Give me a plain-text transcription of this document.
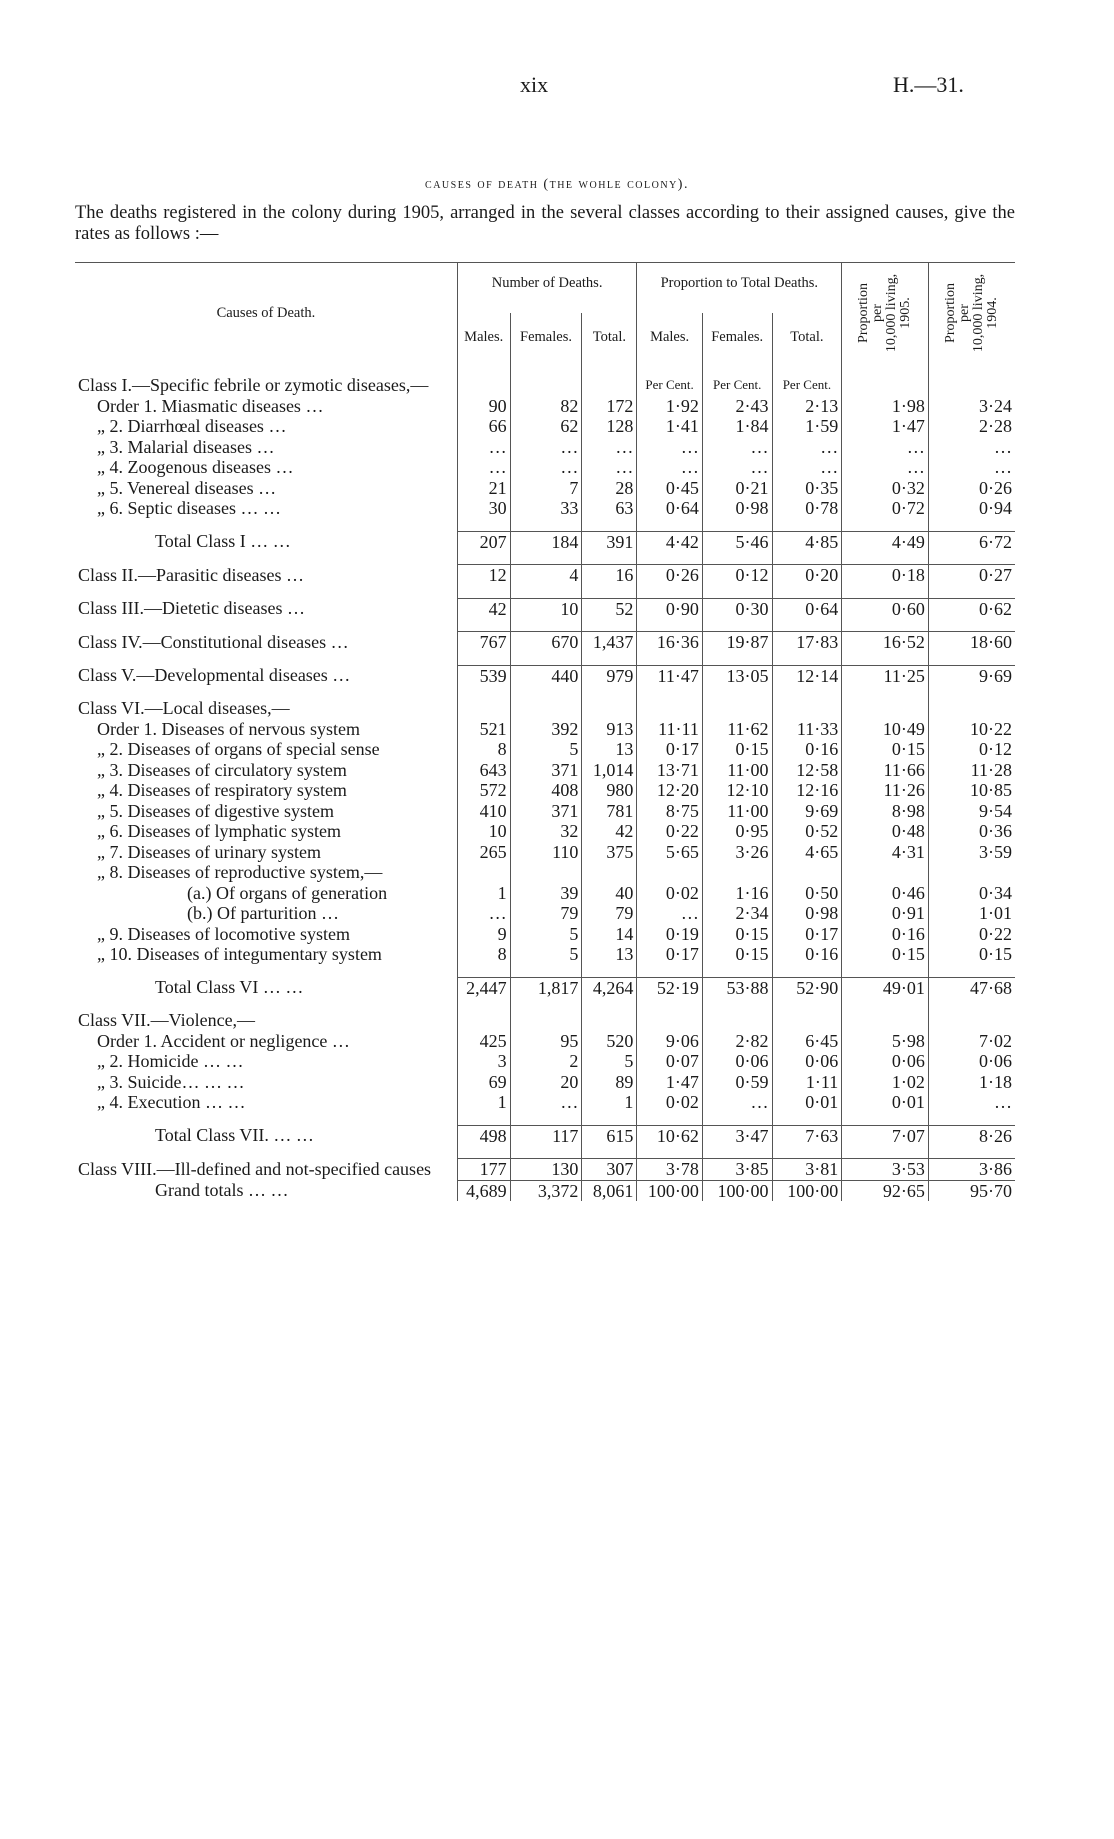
xix	H.—31.
causes of death (the wohle colony).
The deaths registered in the colony during 1905, arranged in the several classes according to their assigned causes, give the rates as follows :—
Causes of Death.	Number of Deaths.			Proportion to Total Deaths.			Proportion
per
10,000 living,
1905.	Proportion
per
10,000 living,
1904.

	Males.	Females.	Total.	Males.	Females.	Total.		

Class I.—Specific febrile or zymotic diseases,—				Per Cent.	Per Cent.	Per Cent.		
Order 1. Miasmatic diseases …	90	82	172	1·92	2·43	2·13	1·98	3·24
„ 2. Diarrhœal diseases …	66	62	128	1·41	1·84	1·59	1·47	2·28
„ 3. Malarial diseases …	…	…	…	…	…	…	…	…
„ 4. Zoogenous diseases …	…	…	…	…	…	…	…	…
„ 5. Venereal diseases …	21	7	28	0·45	0·21	0·35	0·32	0·26
„ 6. Septic diseases … …	30	33	63	0·64	0·98	0·78	0·72	0·94

Total Class I … …	207	184	391	4·42	5·46	4·85	4·49	6·72

Class II.—Parasitic diseases …	12	4	16	0·26	0·12	0·20	0·18	0·27

Class III.—Dietetic diseases …	42	10	52	0·90	0·30	0·64	0·60	0·62

Class IV.—Constitutional diseases …	767	670	1,437	16·36	19·87	17·83	16·52	18·60

Class V.—Developmental diseases …	539	440	979	11·47	13·05	12·14	11·25	9·69

Class VI.—Local diseases,—								
Order 1. Diseases of nervous system	521	392	913	11·11	11·62	11·33	10·49	10·22
„ 2. Diseases of organs of special sense	8	5	13	0·17	0·15	0·16	0·15	0·12
„ 3. Diseases of circulatory system	643	371	1,014	13·71	11·00	12·58	11·66	11·28
„ 4. Diseases of respiratory system	572	408	980	12·20	12·10	12·16	11·26	10·85
„ 5. Diseases of digestive system	410	371	781	8·75	11·00	9·69	8·98	9·54
„ 6. Diseases of lymphatic system	10	32	42	0·22	0·95	0·52	0·48	0·36
„ 7. Diseases of urinary system	265	110	375	5·65	3·26	4·65	4·31	3·59
„ 8. Diseases of reproductive system,—								
(a.) Of organs of generation	1	39	40	0·02	1·16	0·50	0·46	0·34
(b.) Of parturition …	…	79	79	…	2·34	0·98	0·91	1·01
„ 9. Diseases of locomotive system	9	5	14	0·19	0·15	0·17	0·16	0·22
„ 10. Diseases of integumentary system	8	5	13	0·17	0·15	0·16	0·15	0·15

Total Class VI … …	2,447	1,817	4,264	52·19	53·88	52·90	49·01	47·68

Class VII.—Violence,—								
Order 1. Accident or negligence …	425	95	520	9·06	2·82	6·45	5·98	7·02
„ 2. Homicide … …	3	2	5	0·07	0·06	0·06	0·06	0·06
„ 3. Suicide… … …	69	20	89	1·47	0·59	1·11	1·02	1·18
„ 4. Execution … …	1	…	1	0·02	…	0·01	0·01	…

Total Class VII. … …	498	117	615	10·62	3·47	7·63	7·07	8·26

Class VIII.—Ill-defined and not-specified causes	177	130	307	3·78	3·85	3·81	3·53	3·86
Grand totals … …	4,689	3,372	8,061	100·00	100·00	100·00	92·65	95·70
